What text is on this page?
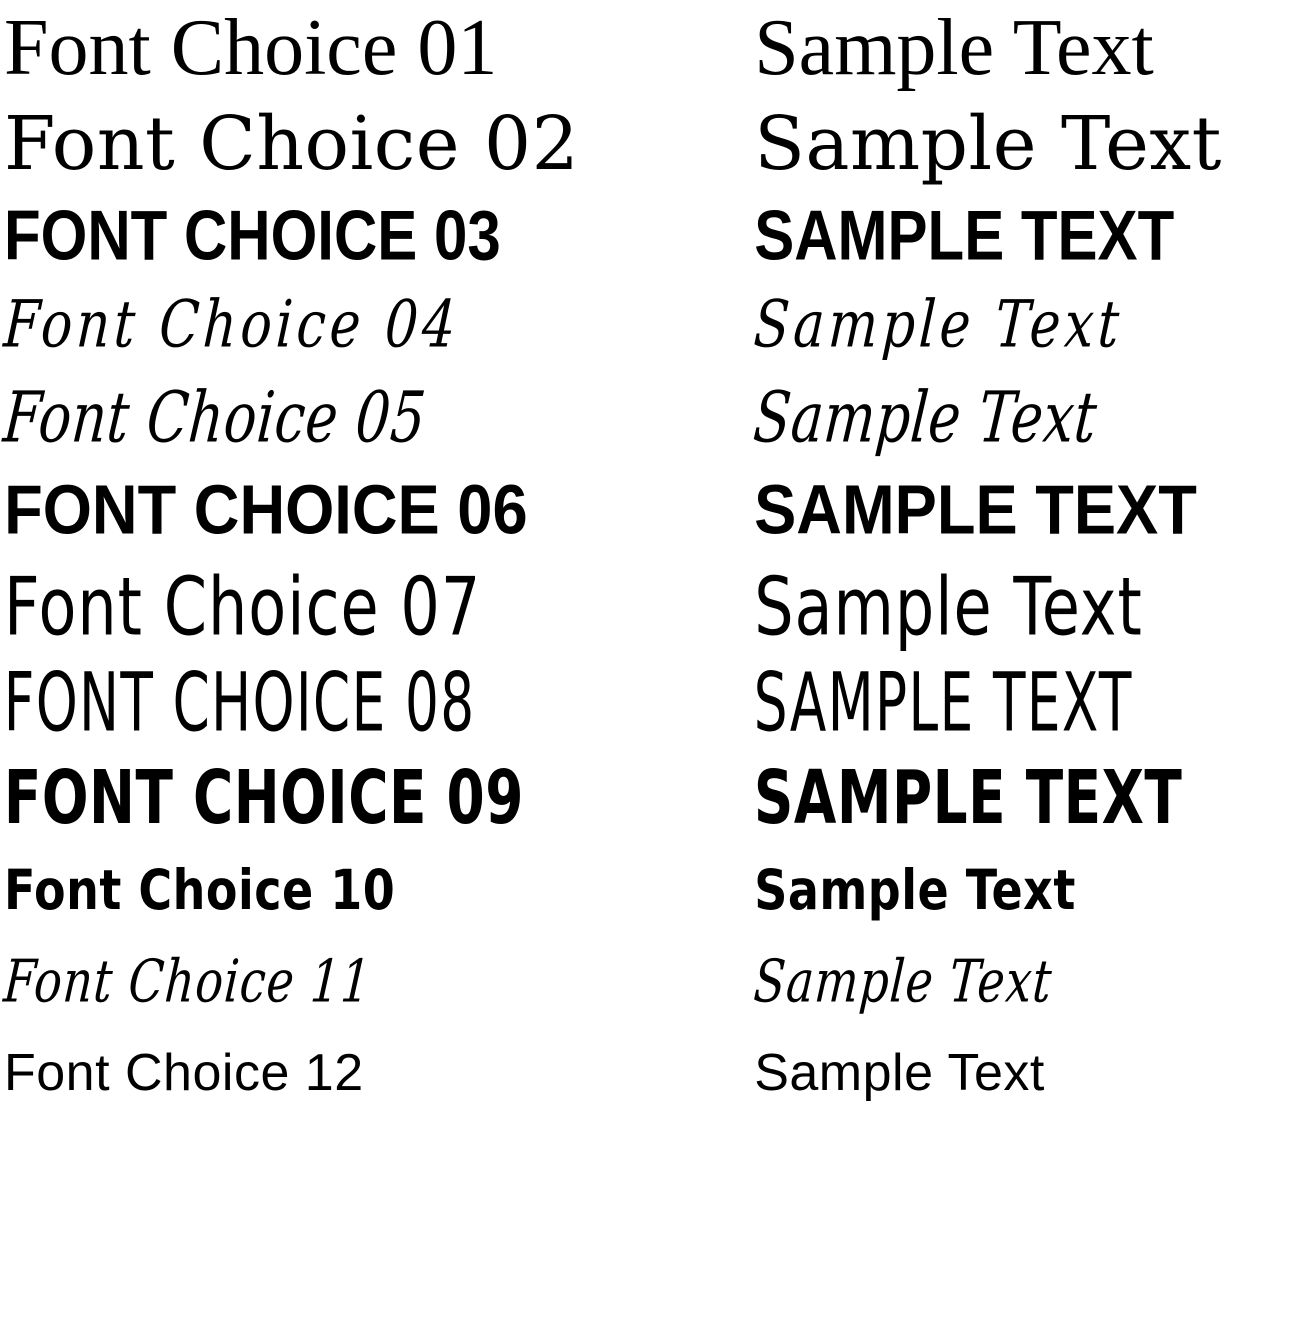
Font Choice 01	Sample Text
Font Choice 02	Sample Text
FONT CHOICE 03	SAMPLE TEXT
Font Choice 04	Sample Text
Font Choice 05	Sample Text
FONT CHOICE 06	SAMPLE TEXT
Font Choice 07	Sample Text
FONT CHOICE 08	SAMPLE TEXT
FONT CHOICE 09	SAMPLE TEXT
Font Choice 10	Sample Text
Font Choice 11	Sample Text
Font Choice 12	Sample Text
